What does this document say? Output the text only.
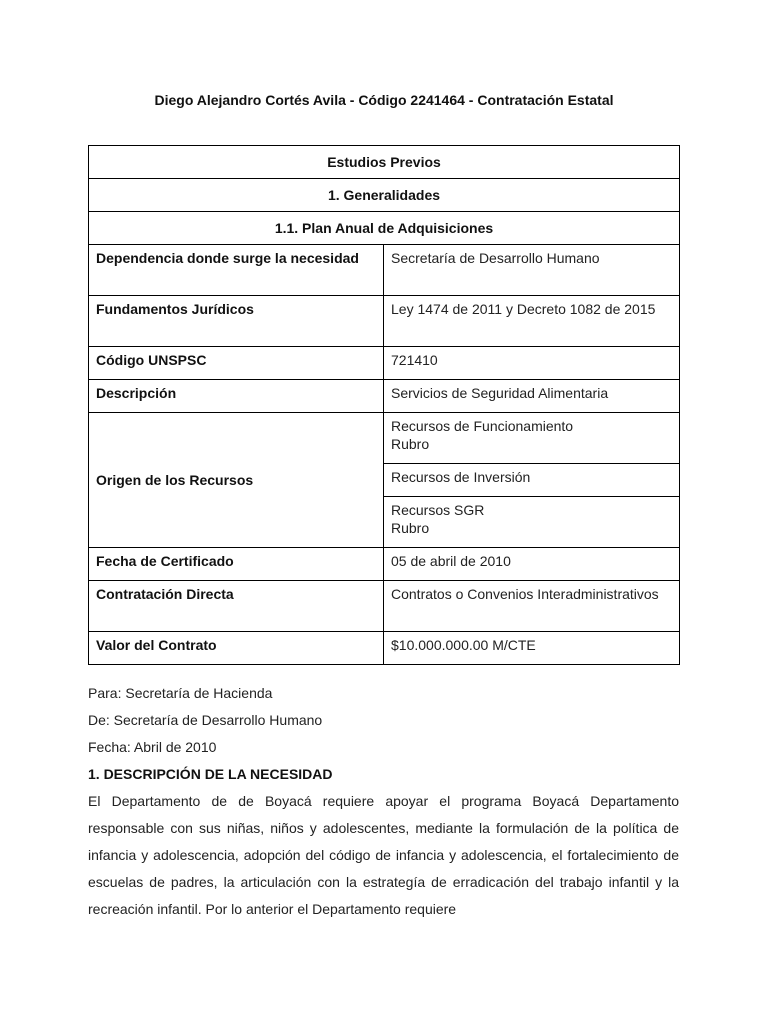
Diego Alejandro Cortés Avila - Código 2241464 - Contratación Estatal
Estudios Previos	
1. Generalidades	
1.1. Plan Anual de Adquisiciones	
Dependencia donde surge la necesidad	Secretaría de Desarrollo Humano
Fundamentos Jurídicos	Ley 1474 de 2011 y Decreto 1082 de 2015
Código UNSPSC	721410
Descripción	Servicios de Seguridad Alimentaria
Origen de los Recursos	Recursos de Funcionamiento
Rubro

	Recursos de Inversión

	Recursos SGR
Rubro

Fecha de Certificado	05 de abril de 2010
Contratación Directa	Contratos o Convenios Interadministrativos
Valor del Contrato	$10.000.000.00 M/CTE
Para: Secretaría de Hacienda
De: Secretaría de Desarrollo Humano
Fecha: Abril de 2010
1. DESCRIPCIÓN DE LA NECESIDAD

El Departamento de de Boyacá requiere apoyar el programa Boyacá Departamento responsable con sus niñas, niños y adolescentes, mediante la formulación de la política de infancia y adolescencia, adopción del código de infancia y adolescencia, el fortalecimiento de escuelas de padres, la articulación con la estrategía de erradicación del trabajo infantil y la recreación infantil. Por lo anterior el Departamento requiere
